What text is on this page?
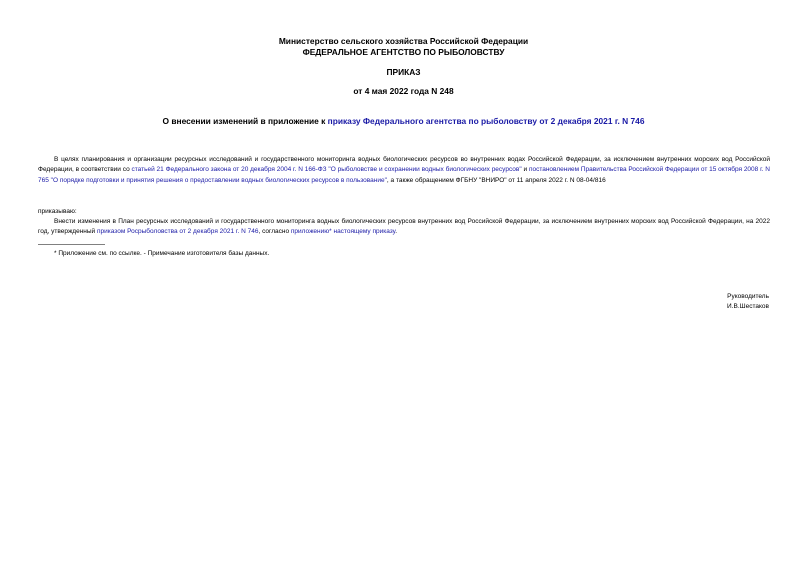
Министерство сельского хозяйства Российской Федерации
ФЕДЕРАЛЬНОЕ АГЕНТСТВО ПО РЫБОЛОВСТВУ
ПРИКАЗ
от 4 мая 2022 года N 248
О внесении изменений в приложение к приказу Федерального агентства по рыболовству от 2 декабря 2021 г. N 746
В целях планирования и организации ресурсных исследований и государственного мониторинга водных биологических ресурсов во внутренних водах Российской Федерации, за исключением внутренних морских вод Российской Федерации, в соответствии со статьей 21 Федерального закона от 20 декабря 2004 г. N 166-ФЗ "О рыболовстве и сохранении водных биологических ресурсов" и постановлением Правительства Российской Федерации от 15 октября 2008 г. N 765 "О порядке подготовки и принятия решения о предоставлении водных биологических ресурсов в пользование", а также обращением ФГБНУ "ВНИРО" от 11 апреля 2022 г. N 08-04/816
приказываю:
Внести изменения в План ресурсных исследований и государственного мониторинга водных биологических ресурсов внутренних вод Российской Федерации, за исключением внутренних морских вод Российской Федерации, на 2022 год, утвержденный приказом Росрыболовства от 2 декабря 2021 г. N 746, согласно приложению* настоящему приказу.
* Приложение см. по ссылке. - Примечание изготовителя базы данных.
Руководитель
И.В.Шестаков
